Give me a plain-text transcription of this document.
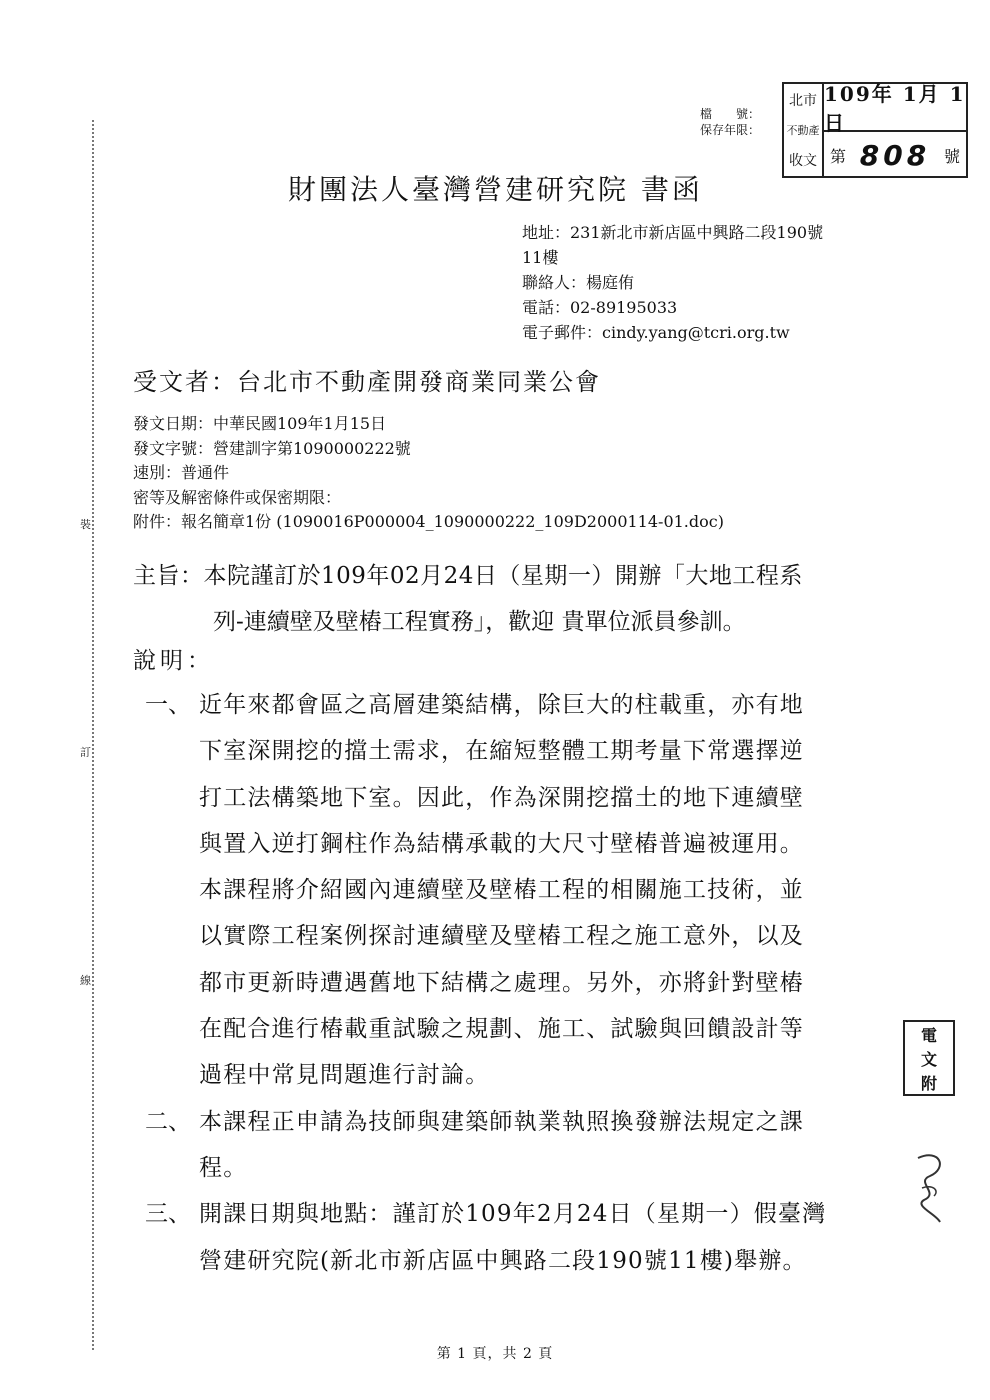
裝
訂
線
檔　　號：
保存年限：
北市
不動產
收文
109年 1月 1日
第 808 號
財團法人臺灣營建研究院 書函
地址：231新北市新店區中興路二段190號
11樓
聯絡人：楊庭侑
電話：02-89195033
電子郵件：cindy.yang@tcri.org.tw
受文者：台北市不動產開發商業同業公會
發文日期：中華民國109年1月15日
發文字號：營建訓字第1090000222號
速別：普通件
密等及解密條件或保密期限：
附件：報名簡章1份 (1090016P000004_1090000222_109D2000114-01.doc)
主旨：本院謹訂於109年02月24日（星期一）開辦「大地工程系
列-連續壁及壁樁工程實務」，歡迎 貴單位派員參訓。
說明：
一、 近年來都會區之高層建築結構，除巨大的柱載重，亦有地
下室深開挖的擋土需求，在縮短整體工期考量下常選擇逆
打工法構築地下室。因此，作為深開挖擋土的地下連續壁
與置入逆打鋼柱作為結構承載的大尺寸壁樁普遍被運用。
本課程將介紹國內連續壁及壁樁工程的相關施工技術，並
以實際工程案例探討連續壁及壁樁工程之施工意外，以及
都市更新時遭遇舊地下結構之處理。另外，亦將針對壁樁
在配合進行樁載重試驗之規劃、施工、試驗與回饋設計等
過程中常見問題進行討論。
二、 本課程正申請為技師與建築師執業執照換發辦法規定之課
程。
三、 開課日期與地點：謹訂於109年2月24日（星期一）假臺灣
營建研究院(新北市新店區中興路二段190號11樓)舉辦。
電
文
附
第 1 頁，共 2 頁
